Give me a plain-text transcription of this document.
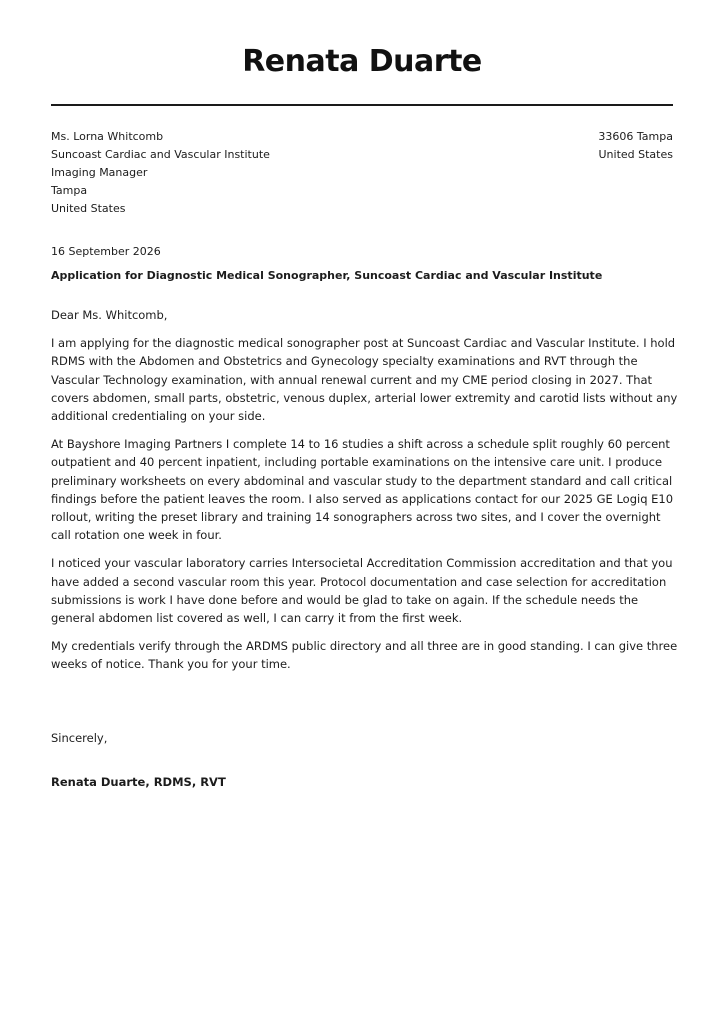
Renata Duarte
Ms. Lorna Whitcomb
Suncoast Cardiac and Vascular Institute
Imaging Manager
Tampa
United States
33606 Tampa
United States
16 September 2026
Application for Diagnostic Medical Sonographer, Suncoast Cardiac and Vascular Institute
Dear Ms. Whitcomb,

I am applying for the diagnostic medical sonographer post at Suncoast Cardiac and Vascular Institute. I hold RDMS with the Abdomen and Obstetrics and Gynecology specialty examinations and RVT through the Vascular Technology examination, with annual renewal current and my CME period closing in 2027. That covers abdomen, small parts, obstetric, venous duplex, arterial lower extremity and carotid lists without any additional credentialing on your side.

At Bayshore Imaging Partners I complete 14 to 16 studies a shift across a schedule split roughly 60 percent outpatient and 40 percent inpatient, including portable examinations on the intensive care unit. I produce preliminary worksheets on every abdominal and vascular study to the department standard and call critical findings before the patient leaves the room. I also served as applications contact for our 2025 GE Logiq E10 rollout, writing the preset library and training 14 sonographers across two sites, and I cover the overnight call rotation one week in four.

I noticed your vascular laboratory carries Intersocietal Accreditation Commission accreditation and that you have added a second vascular room this year. Protocol documentation and case selection for accreditation submissions is work I have done before and would be glad to take on again. If the schedule needs the general abdomen list covered as well, I can carry it from the first week.

My credentials verify through the ARDMS public directory and all three are in good standing. I can give three weeks of notice. Thank you for your time.

Sincerely,
Renata Duarte, RDMS, RVT
